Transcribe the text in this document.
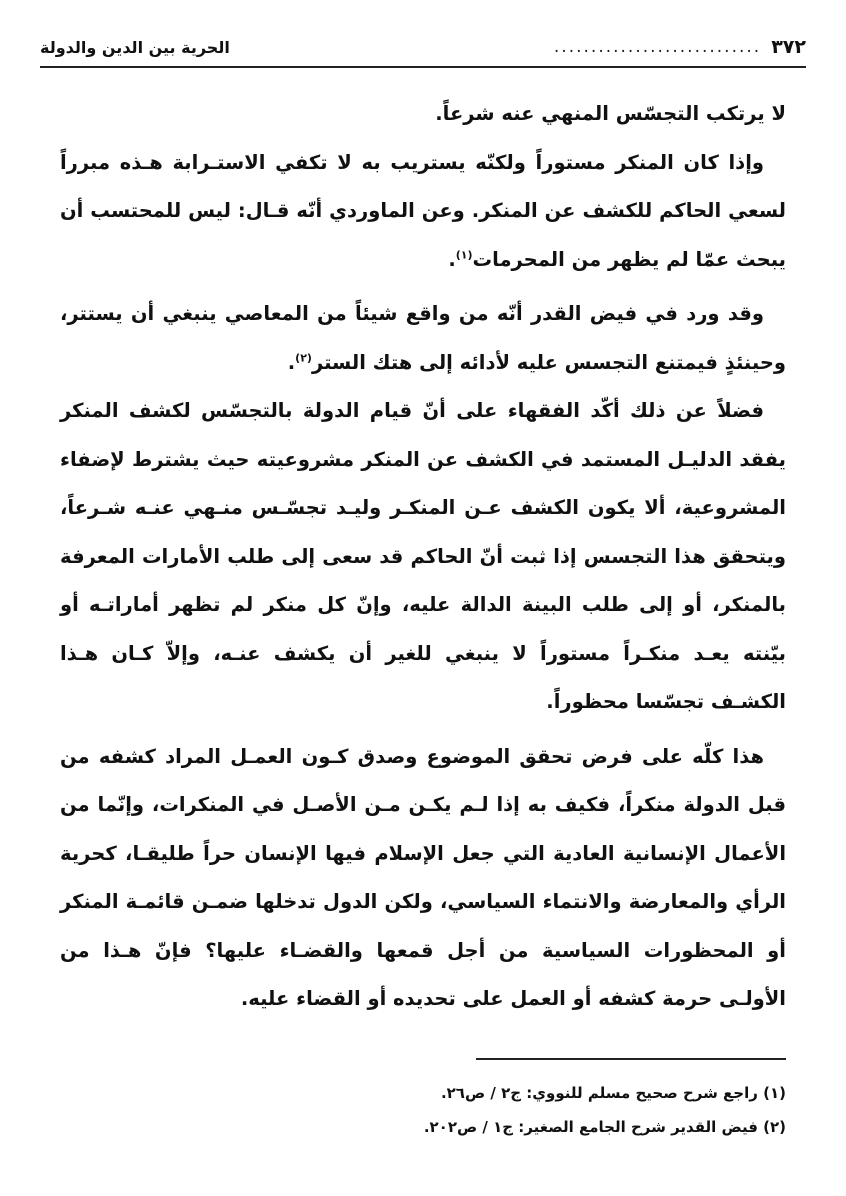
٣٧٢
............................
الحرية بين الدين والدولة

لا يرتكب التجسّس المنهي عنه شرعاً.

وإذا كان المنكر مستوراً ولكنّه يستريب به لا تكفي الاستـرابة هـذه مبرراً لسعي الحاكم للكشف عن المنكر. وعن الماوردي أنّه قـال: ليس للمحتسب أن يبحث عمّا لم يظهر من المحرمات$^{(١)}$.

وقد ورد في فيض القدر أنّه من واقع شيئاً من المعاصي ينبغي أن يستتر، وحينئذٍ فيمتنع التجسس عليه لأدائه إلى هتك الستر$^{(٢)}$.

فضلاً عن ذلك أكّد الفقهاء على أنّ قيام الدولة بالتجسّس لكشف المنكر يفقد الدليـل المستمد في الكشف عن المنكر مشروعيته حيث يشترط لإضفاء المشروعية، ألا يكون الكشف عـن المنكـر وليـد تجسّـس منـهي عنـه شـرعاً، ويتحقق هذا التجسس إذا ثبت أنّ الحاكم قد سعى إلى طلب الأمارات المعرفة بالمنكر، أو إلى طلب البينة الدالة عليه، وإنّ كل منكر لم تظهر أماراتـه أو بيّنته يعـد منكـراً مستوراً لا ينبغي للغير أن يكشف عنـه، وإلاّ كـان هـذا الكشـف تجسّسا محظوراً.

هذا كلّه على فرض تحقق الموضوع وصدق كـون العمـل المراد كشفه من قبل الدولة منكراً، فكيف به إذا لـم يكـن مـن الأصـل في المنكرات، وإنّما من الأعمال الإنسانية العادية التي جعل الإسلام فيها الإنسان حراً طليقـا، كحرية الرأي والمعارضة والانتماء السياسي، ولكن الدول تدخلها ضمـن قائمـة المنكر أو المحظورات السياسية من أجل قمعها والقضـاء عليها؟ فإنّ هـذا من الأولـى حرمة كشفه أو العمل على تحديده أو القضاء عليه.

(١) راجع شرح صحيح مسلم للنووي: ج٢ / ص٢٦.
(٢) فيض القدير شرح الجامع الصغير: ج١ / ص٢٠٢.
